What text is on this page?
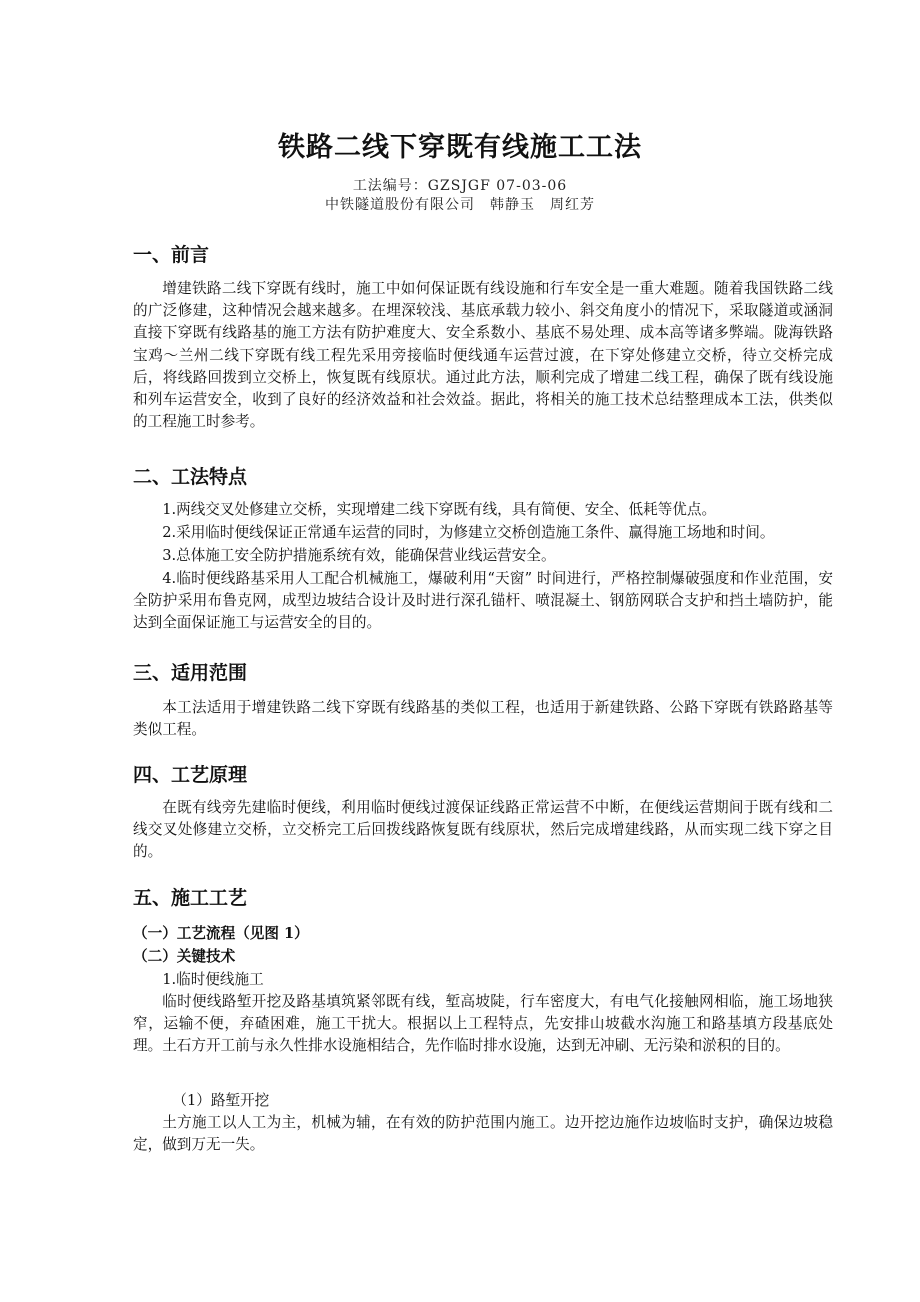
铁路二线下穿既有线施工工法
工法编号：GZSJGF 07-03-06
中铁隧道股份有限公司　韩静玉　周红芳
一、前言
增建铁路二线下穿既有线时，施工中如何保证既有线设施和行车安全是一重大难题。随着我国铁路二线的广泛修建，这种情况会越来越多。在埋深较浅、基底承载力较小、斜交角度小的情况下，采取隧道或涵洞直接下穿既有线路基的施工方法有防护难度大、安全系数小、基底不易处理、成本高等诸多弊端。陇海铁路宝鸡～兰州二线下穿既有线工程先采用旁接临时便线通车运营过渡，在下穿处修建立交桥，待立交桥完成后，将线路回拨到立交桥上，恢复既有线原状。通过此方法，顺利完成了增建二线工程，确保了既有线设施和列车运营安全，收到了良好的经济效益和社会效益。据此，将相关的施工技术总结整理成本工法，供类似的工程施工时参考。
二、工法特点
1.两线交叉处修建立交桥，实现增建二线下穿既有线，具有简便、安全、低耗等优点。
2.采用临时便线保证正常通车运营的同时，为修建立交桥创造施工条件、赢得施工场地和时间。
3.总体施工安全防护措施系统有效，能确保营业线运营安全。
4.临时便线路基采用人工配合机械施工，爆破利用“天窗” 时间进行，严格控制爆破强度和作业范围，安全防护采用布鲁克网，成型边坡结合设计及时进行深孔锚杆、喷混凝土、钢筋网联合支护和挡土墙防护，能达到全面保证施工与运营安全的目的。
三、适用范围
本工法适用于增建铁路二线下穿既有线路基的类似工程，也适用于新建铁路、公路下穿既有铁路路基等类似工程。
四、工艺原理
在既有线旁先建临时便线，利用临时便线过渡保证线路正常运营不中断，在便线运营期间于既有线和二线交叉处修建立交桥，立交桥完工后回拨线路恢复既有线原状，然后完成增建线路，从而实现二线下穿之目的。
五、施工工艺
（一）工艺流程（见图 1）
（二）关键技术
1.临时便线施工
临时便线路堑开挖及路基填筑紧邻既有线，堑高坡陡，行车密度大，有电气化接触网相临，施工场地狭窄，运输不便，弃碴困难，施工干扰大。根据以上工程特点，先安排山坡截水沟施工和路基填方段基底处理。土石方开工前与永久性排水设施相结合，先作临时排水设施，达到无冲刷、无污染和淤积的目的。
（1）路堑开挖
土方施工以人工为主，机械为辅，在有效的防护范围内施工。边开挖边施作边坡临时支护，确保边坡稳定，做到万无一失。
